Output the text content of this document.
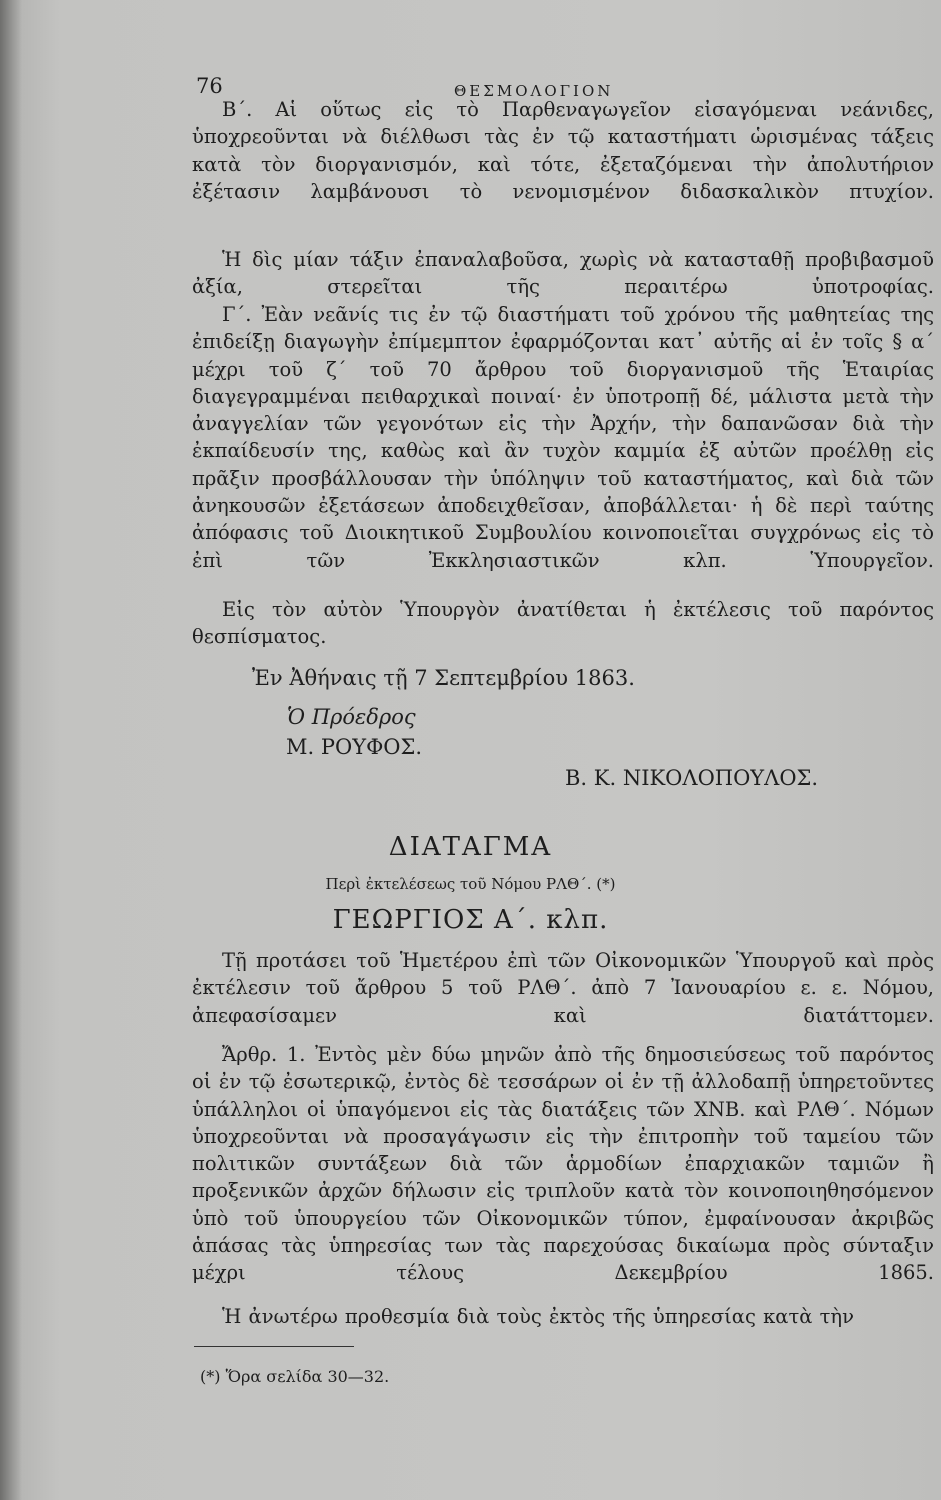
76	ΘΕΣΜΟΛΟΓΙΟΝ
Β΄. Αἱ οὕτως εἰς τὸ Παρθεναγωγεῖον εἰσαγόμεναι νεάνιδες, ὑποχρεοῦνται νὰ διέλθωσι τὰς ἐν τῷ καταστήματι ὡρισμένας τάξεις κατὰ τὸν διοργανισμόν, καὶ τότε, ἐξεταζόμεναι τὴν ἀπολυτήριον ἐξέτασιν λαμβάνουσι τὸ νενομισμένον διδασκαλικὸν πτυχίον.
Ἡ δὶς μίαν τάξιν ἐπαναλαβοῦσα, χωρὶς νὰ κατασταθῇ προβιβασμοῦ ἀξία, στερεῖται τῆς περαιτέρω ὑποτροφίας.
Γ΄. Ἐὰν νεᾶνίς τις ἐν τῷ διαστήματι τοῦ χρόνου τῆς μαθητείας της ἐπιδείξῃ διαγωγὴν ἐπίμεμπτον ἐφαρμόζονται κατ᾽ αὐτῆς αἱ ἐν τοῖς § α΄ μέχρι τοῦ ζ΄ τοῦ 70 ἄρθρου τοῦ διοργανισμοῦ τῆς Ἑταιρίας διαγεγραμμέναι πειθαρχικαὶ ποιναί· ἐν ὑποτροπῇ δέ, μάλιστα μετὰ τὴν ἀναγγελίαν τῶν γεγονότων εἰς τὴν Ἀρχήν, τὴν δαπανῶσαν διὰ τὴν ἐκπαίδευσίν της, καθὼς καὶ ἂν τυχὸν καμμία ἐξ αὐτῶν προέλθῃ εἰς πρᾶξιν προσβάλλουσαν τὴν ὑπόληψιν τοῦ καταστήματος, καὶ διὰ τῶν ἀνηκουσῶν ἐξετάσεων ἀποδειχθεῖσαν, ἀποβάλλεται· ἡ δὲ περὶ ταύτης ἀπόφασις τοῦ Διοικητικοῦ Συμβουλίου κοινοποιεῖται συγχρόνως εἰς τὸ ἐπὶ τῶν Ἐκκλησιαστικῶν κλπ. Ὑπουργεῖον.
Εἰς τὸν αὐτὸν Ὑπουργὸν ἀνατίθεται ἡ ἐκτέλεσις τοῦ παρόντος θεσπίσματος.
Ἐν Ἀθήναις τῇ 7 Σεπτεμβρίου 1863.
Ὁ Πρόεδρος
Μ. ΡΟΥΦΟΣ.
Β. Κ. ΝΙΚΟΛΟΠΟΥΛΟΣ.
ΔΙΑΤΑΓΜΑ
Περὶ ἐκτελέσεως τοῦ Νόμου ΡΛΘ΄. (*)
ΓΕΩΡΓΙΟΣ Α΄. κλπ.
Τῇ προτάσει τοῦ Ἡμετέρου ἐπὶ τῶν Οἰκονομικῶν Ὑπουργοῦ καὶ πρὸς ἐκτέλεσιν τοῦ ἄρθρου 5 τοῦ ΡΛΘ΄. ἀπὸ 7 Ἰανουαρίου ε. ε. Νόμου, ἀπεφασίσαμεν καὶ διατάττομεν.
Ἄρθρ. 1. Ἐντὸς μὲν δύω μηνῶν ἀπὸ τῆς δημοσιεύσεως τοῦ παρόντος οἱ ἐν τῷ ἐσωτερικῷ, ἐντὸς δὲ τεσσάρων οἱ ἐν τῇ ἀλλοδαπῇ ὑπηρετοῦντες ὑπάλληλοι οἱ ὑπαγόμενοι εἰς τὰς διατάξεις τῶν ΧΝΒ. καὶ ΡΛΘ΄. Νόμων ὑποχρεοῦνται νὰ προσαγάγωσιν εἰς τὴν ἐπιτροπὴν τοῦ ταμείου τῶν πολιτικῶν συντάξεων διὰ τῶν ἁρμοδίων ἐπαρχιακῶν ταμιῶν ἢ προξενικῶν ἀρχῶν δήλωσιν εἰς τριπλοῦν κατὰ τὸν κοινοποιηθησόμενον ὑπὸ τοῦ ὑπουργείου τῶν Οἰκονομικῶν τύπον, ἐμφαίνουσαν ἀκριβῶς ἁπάσας τὰς ὑπηρεσίας των τὰς παρεχούσας δικαίωμα πρὸς σύνταξιν μέχρι τέλους Δεκεμβρίου 1865.
Ἡ ἀνωτέρω προθεσμία διὰ τοὺς ἐκτὸς τῆς ὑπηρεσίας κατὰ τὴν
(*) Ὅρα σελίδα 30—32.
